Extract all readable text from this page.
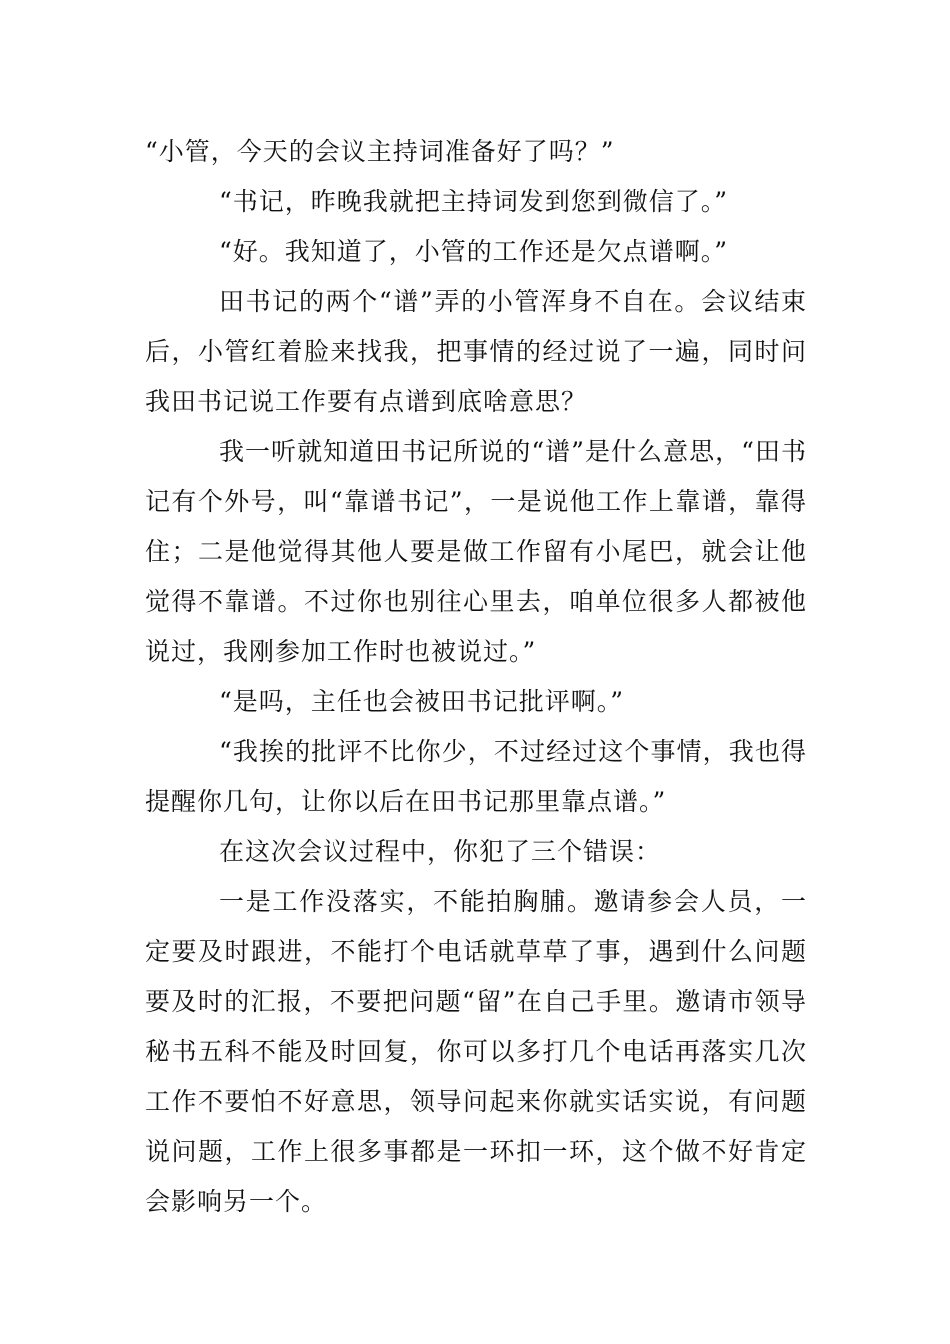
“小管，今天的会议主持词准备好了吗？”

“书记，昨晚我就把主持词发到您到微信了。”

“好。我知道了，小管的工作还是欠点谱啊。”

田书记的两个“谱”弄的小管浑身不自在。会议结束后，小管红着脸来找我，把事情的经过说了一遍，同时问我田书记说工作要有点谱到底啥意思？

我一听就知道田书记所说的“谱”是什么意思，“田书记有个外号，叫“靠谱书记”，一是说他工作上靠谱，靠得住；二是他觉得其他人要是做工作留有小尾巴，就会让他觉得不靠谱。不过你也别往心里去，咱单位很多人都被他说过，我刚参加工作时也被说过。”

“是吗，主任也会被田书记批评啊。”

“我挨的批评不比你少，不过经过这个事情，我也得提醒你几句，让你以后在田书记那里靠点谱。”

在这次会议过程中，你犯了三个错误：

一是工作没落实，不能拍胸脯。邀请参会人员，一定要及时跟进，不能打个电话就草草了事，遇到什么问题要及时的汇报，不要把问题“留”在自己手里。邀请市领导秘书五科不能及时回复，你可以多打几个电话再落实几次工作不要怕不好意思，领导问起来你就实话实说，有问题说问题，工作上很多事都是一环扣一环，这个做不好肯定会影响另一个。
